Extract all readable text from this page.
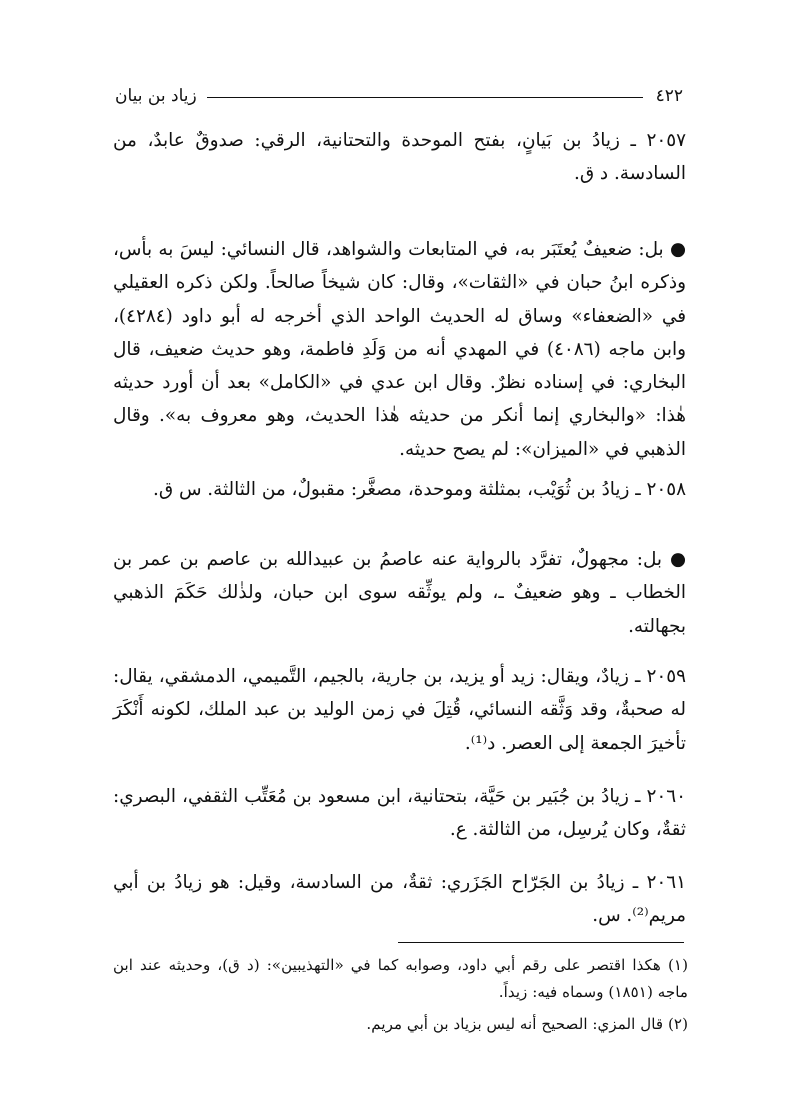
٤٢٢
زياد بن بيان
٢٠٥٧ ـ زيادُ بن بَيانٍ، بفتح الموحدة والتحتانية، الرقي: صدوقٌ عابدٌ، من السادسة. د ق.
● بل: ضعيفٌ يُعتَبَر به، في المتابعات والشواهد، قال النسائي: ليسَ به بأس، وذكره ابنُ حبان في «الثقات»، وقال: كان شيخاً صالحاً. ولكن ذكره العقيلي في «الضعفاء» وساق له الحديث الواحد الذي أخرجه له أبو داود (٤٢٨٤)، وابن ماجه (٤٠٨٦) في المهدي أنه من وَلَدِ فاطمة، وهو حديث ضعيف، قال البخاري: في إسناده نظرٌ. وقال ابن عدي في «الكامل» بعد أن أورد حديثه هٰذا: «والبخاري إنما أنكر من حديثه هٰذا الحديث، وهو معروف به». وقال الذهبي في «الميزان»: لم يصح حديثه.
٢٠٥٨ ـ زيادُ بن ثُوَيْب، بمثلثة وموحدة، مصغَّر: مقبولٌ، من الثالثة. س ق.
● بل: مجهولٌ، تفرَّد بالرواية عنه عاصمُ بن عبيدالله بن عاصم بن عمر بن الخطاب ـ وهو ضعيفٌ ـ، ولم يوثِّقه سوى ابن حبان، ولذٰلك حَكَمَ الذهبي بجهالته.
٢٠٥٩ ـ زيادٌ، ويقال: زيد أو يزيد، بن جارية، بالجيم، التَّميمي، الدمشقي، يقال: له صحبةٌ، وقد وَثَّقه النسائي، قُتِلَ في زمن الوليد بن عبد الملك، لكونه أَنْكَرَ تأخيرَ الجمعة إلى العصر. د⁽¹⁾.
٢٠٦٠ ـ زيادُ بن جُبَير بن حَيَّة، بتحتانية، ابن مسعود بن مُعَتِّب الثقفي، البصري: ثقةٌ، وكان يُرسِل، من الثالثة. ع.
٢٠٦١ ـ زيادُ بن الجَرّاح الجَزَري: ثقةٌ، من السادسة، وقيل: هو زيادُ بن أبي مريم⁽²⁾. س.
(١) هكذا اقتصر على رقم أبي داود، وصوابه كما في «التهذيبين»: (د ق)، وحديثه عند ابن ماجه (١٨٥١) وسماه فيه: زيداً.
(٢) قال المزي: الصحيح أنه ليس بزياد بن أبي مريم.
